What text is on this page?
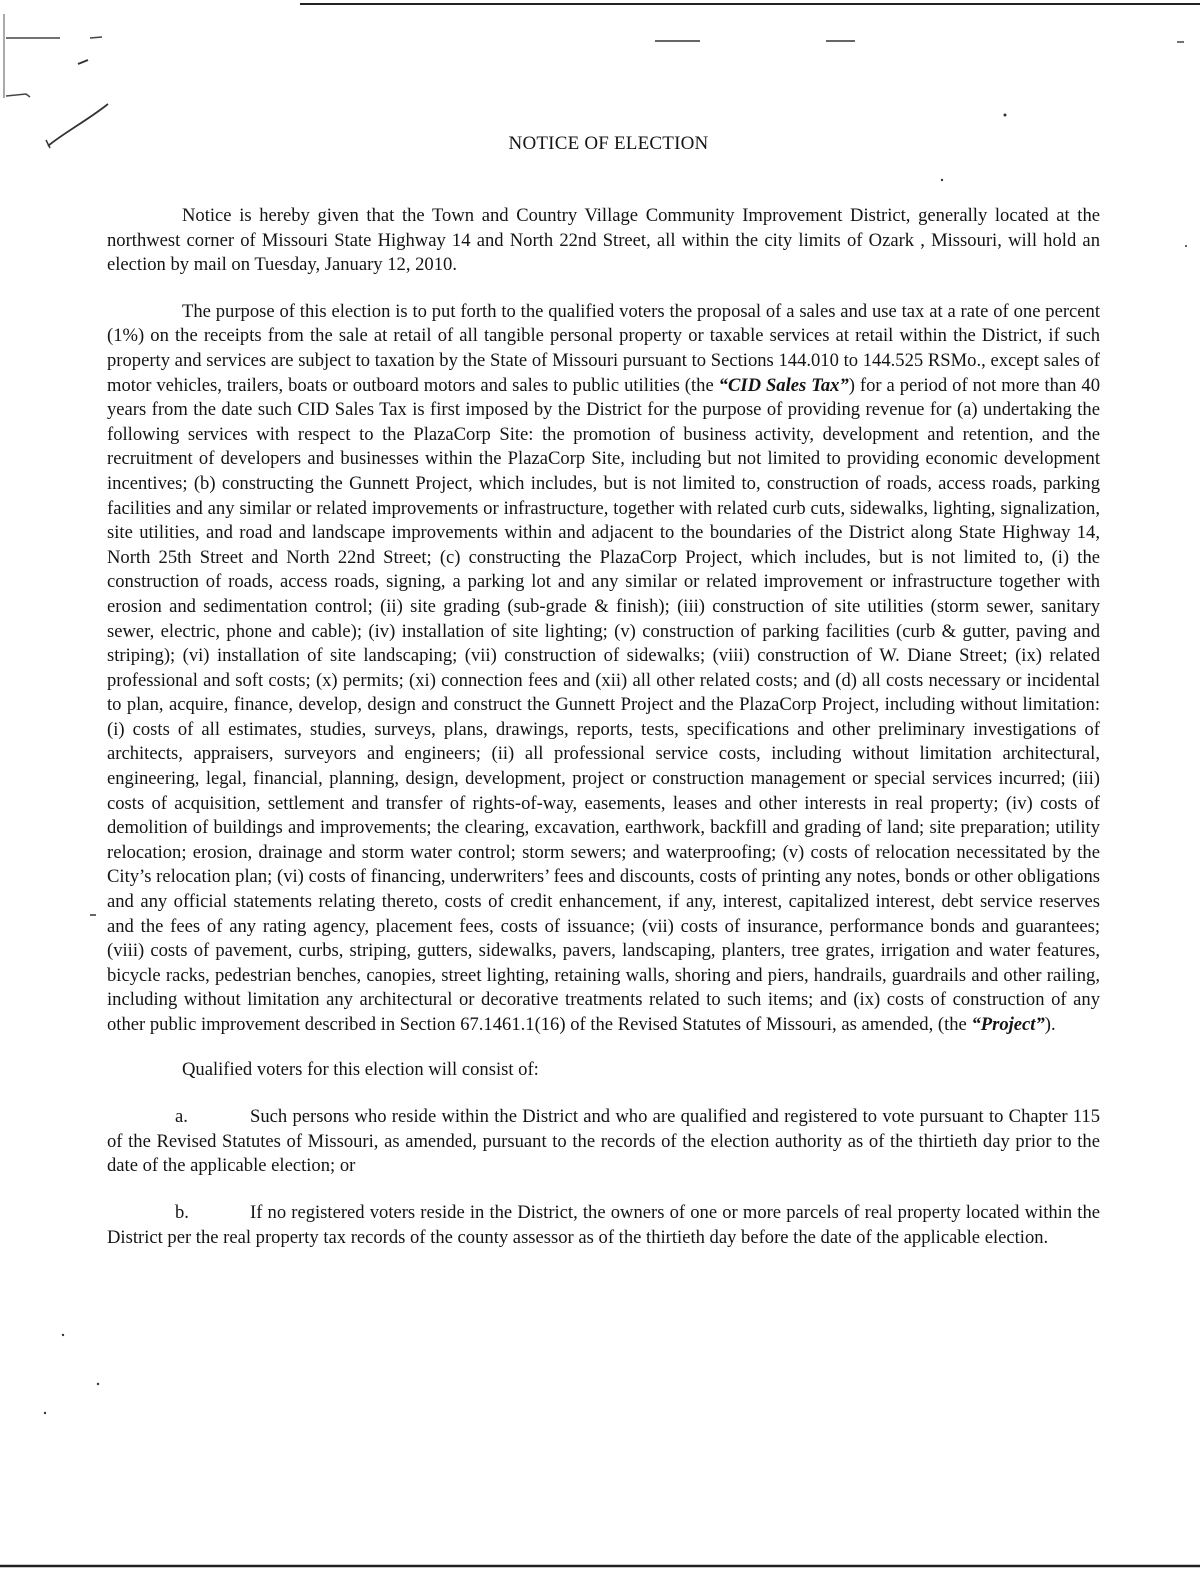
NOTICE OF ELECTION

Notice is hereby given that the Town and Country Village Community Improvement District, generally located at the northwest corner of Missouri State Highway 14 and North 22nd Street, all within the city limits of Ozark , Missouri, will hold an election by mail on Tuesday, January 12, 2010.

The purpose of this election is to put forth to the qualified voters the proposal of a sales and use tax at a rate of one percent (1%) on the receipts from the sale at retail of all tangible personal property or taxable services at retail within the District, if such property and services are subject to taxation by the State of Missouri pursuant to Sections 144.010 to 144.525 RSMo., except sales of motor vehicles, trailers, boats or outboard motors and sales to public utilities (the “CID Sales Tax”) for a period of not more than 40 years from the date such CID Sales Tax is first imposed by the District for the purpose of providing revenue for (a) undertaking the following services with respect to the PlazaCorp Site: the promotion of business activity, development and retention, and the recruitment of developers and businesses within the PlazaCorp Site, including but not limited to providing economic development incentives; (b) constructing the Gunnett Project, which includes, but is not limited to, construction of roads, access roads, parking facilities and any similar or related improvements or infrastructure, together with related curb cuts, sidewalks, lighting, signalization, site utilities, and road and landscape improvements within and adjacent to the boundaries of the District along State Highway 14, North 25th Street and North 22nd Street; (c) constructing the PlazaCorp Project, which includes, but is not limited to, (i) the construction of roads, access roads, signing, a parking lot and any similar or related improvement or infrastructure together with erosion and sedimentation control; (ii) site grading (sub-grade & finish); (iii) construction of site utilities (storm sewer, sanitary sewer, electric, phone and cable); (iv) installation of site lighting; (v) construction of parking facilities (curb & gutter, paving and striping); (vi) installation of site landscaping; (vii) construction of sidewalks; (viii) construction of W. Diane Street; (ix) related professional and soft costs; (x) permits; (xi) connection fees and (xii) all other related costs; and (d) all costs necessary or incidental to plan, acquire, finance, develop, design and construct the Gunnett Project and the PlazaCorp Project, including without limitation: (i) costs of all estimates, studies, surveys, plans, drawings, reports, tests, specifications and other preliminary investigations of architects, appraisers, surveyors and engineers; (ii) all professional service costs, including without limitation architectural, engineering, legal, financial, planning, design, development, project or construction management or special services incurred; (iii) costs of acquisition, settlement and transfer of rights-of-way, easements, leases and other interests in real property; (iv) costs of demolition of buildings and improvements; the clearing, excavation, earthwork, backfill and grading of land; site preparation; utility relocation; erosion, drainage and storm water control; storm sewers; and waterproofing; (v) costs of relocation necessitated by the City’s relocation plan; (vi) costs of financing, underwriters’ fees and discounts, costs of printing any notes, bonds or other obligations and any official statements relating thereto, costs of credit enhancement, if any, interest, capitalized interest, debt service reserves and the fees of any rating agency, placement fees, costs of issuance; (vii) costs of insurance, performance bonds and guarantees; (viii) costs of pavement, curbs, striping, gutters, sidewalks, pavers, landscaping, planters, tree grates, irrigation and water features, bicycle racks, pedestrian benches, canopies, street lighting, retaining walls, shoring and piers, handrails, guardrails and other railing, including without limitation any architectural or decorative treatments related to such items; and (ix) costs of construction of any other public improvement described in Section 67.1461.1(16) of the Revised Statutes of Missouri, as amended, (the “Project”).

Qualified voters for this election will consist of:

a.	Such persons who reside within the District and who are qualified and registered to vote pursuant to Chapter 115 of the Revised Statutes of Missouri, as amended, pursuant to the records of the election authority as of the thirtieth day prior to the date of the applicable election; or

b.	If no registered voters reside in the District, the owners of one or more parcels of real property located within the District per the real property tax records of the county assessor as of the thirtieth day before the date of the applicable election.
